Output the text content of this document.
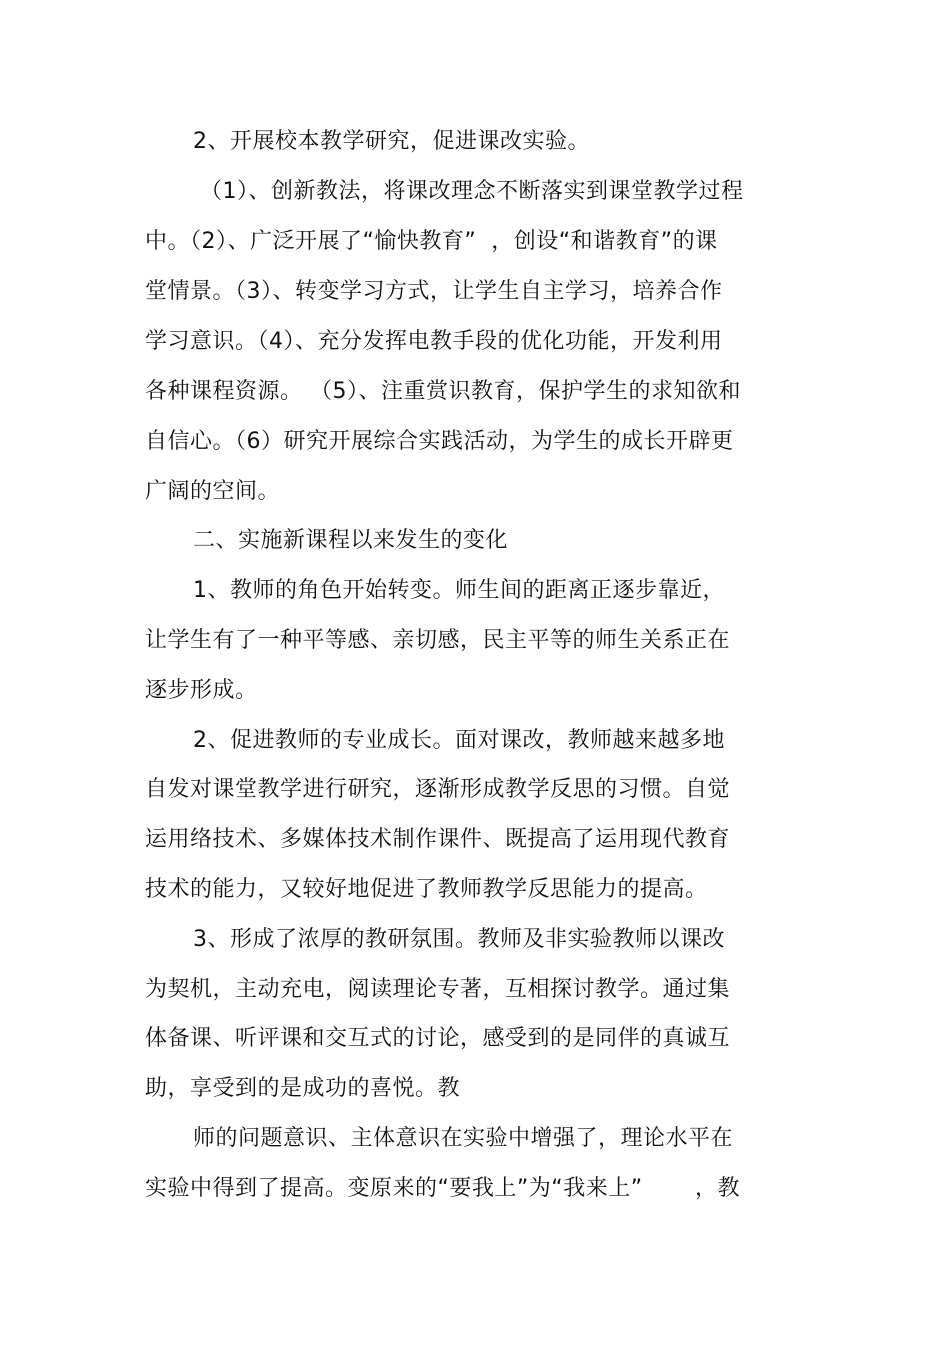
2、开展校本教学研究，促进课改实验。
（1）、创新教法，将课改理念不断落实到课堂教学过程
中。（2）、广泛开展了“愉快教育”  ，创设“和谐教育”的课
堂情景。（3）、转变学习方式，让学生自主学习，培养合作
学习意识。（4）、充分发挥电教手段的优化功能，开发利用
各种课程资源。 （5）、注重赏识教育，保护学生的求知欲和
自信心。（6）研究开展综合实践活动，为学生的成长开辟更
广阔的空间。
二、实施新课程以来发生的变化
1、教师的角色开始转变。师生间的距离正逐步靠近，
让学生有了一种平等感、亲切感，民主平等的师生关系正在
逐步形成。
2、促进教师的专业成长。面对课改，教师越来越多地
自发对课堂教学进行研究，逐渐形成教学反思的习惯。自觉
运用络技术、多媒体技术制作课件、既提高了运用现代教育
技术的能力，又较好地促进了教师教学反思能力的提高。
3、形成了浓厚的教研氛围。教师及非实验教师以课改
为契机，主动充电，阅读理论专著，互相探讨教学。通过集
体备课、听评课和交互式的讨论，感受到的是同伴的真诚互
助，享受到的是成功的喜悦。教
师的问题意识、主体意识在实验中增强了，理论水平在
实验中得到了提高。变原来的“要我上”为“我来上”       ，教
